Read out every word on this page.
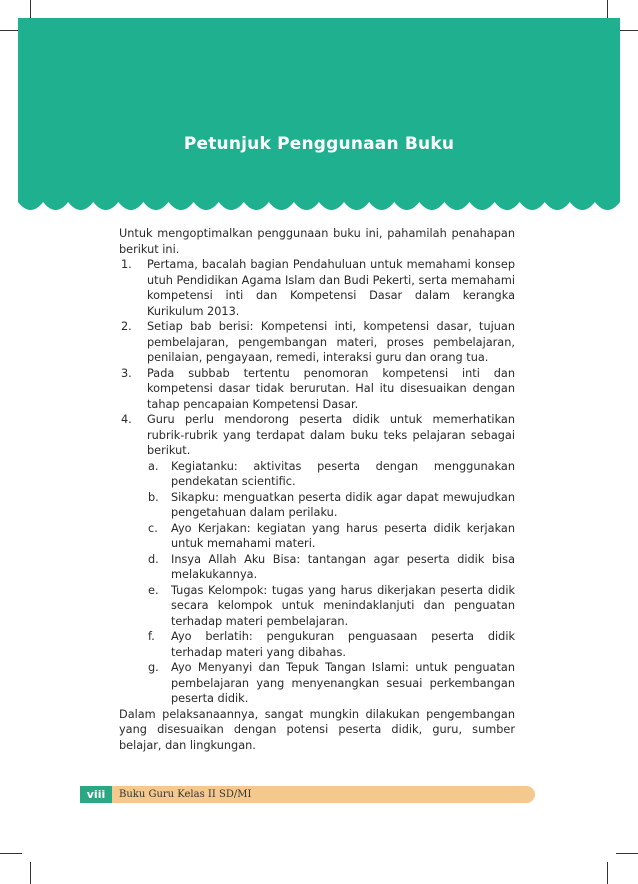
Petunjuk Penggunaan Buku

Untuk mengoptimalkan penggunaan buku ini, pahamilah penahapan berikut ini.

1. Pertama, bacalah bagian Pendahuluan untuk memahami konsep utuh Pendidikan Agama Islam dan Budi Pekerti, serta memahami kompetensi inti dan Kompetensi Dasar dalam kerangka Kurikulum 2013.
2. Setiap bab berisi: Kompetensi inti, kompetensi dasar, tujuan pembelajaran, pengembangan materi, proses pembelajaran, penilaian, pengayaan, remedi, interaksi guru dan orang tua.
3. Pada subbab tertentu penomoran kompetensi inti dan kompetensi dasar tidak berurutan. Hal itu disesuaikan dengan tahap pencapaian Kompetensi Dasar.
4. Guru perlu mendorong peserta didik untuk memerhatikan rubrik-rubrik yang terdapat dalam buku teks pelajaran sebagai berikut.
a. Kegiatanku: aktivitas peserta dengan menggunakan pendekatan scientific.
b. Sikapku: menguatkan peserta didik agar dapat mewujudkan pengetahuan dalam perilaku.
c. Ayo Kerjakan: kegiatan yang harus peserta didik kerjakan untuk memahami materi.
d. Insya Allah Aku Bisa: tantangan agar peserta didik bisa melakukannya.
e. Tugas Kelompok: tugas yang harus dikerjakan peserta didik secara kelompok untuk menindaklanjuti dan penguatan terhadap materi pembelajaran.
f. Ayo berlatih: pengukuran penguasaan peserta didik terhadap materi yang dibahas.
g. Ayo Menyanyi dan Tepuk Tangan Islami: untuk penguatan pembelajaran yang menyenangkan sesuai perkembangan peserta didik.

Dalam pelaksanaannya, sangat mungkin dilakukan pengembangan yang disesuaikan dengan potensi peserta didik, guru, sumber belajar, dan lingkungan.

viii	Buku Guru Kelas II SD/MI
